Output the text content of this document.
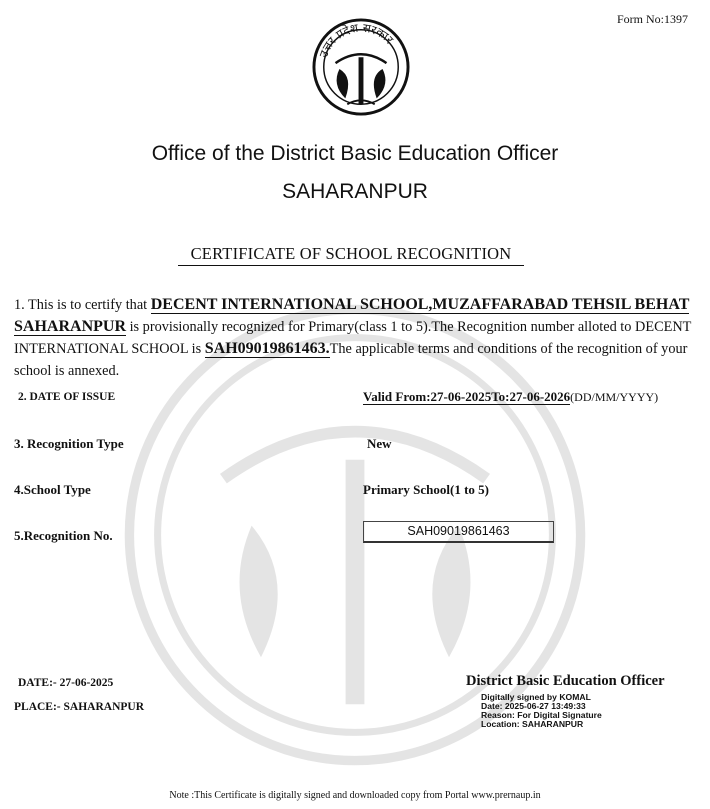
Form No:1397
उत्तर प्रदेश सरकार
Office of the District Basic Education Officer
SAHARANPUR
CERTIFICATE OF SCHOOL RECOGNITION
1. This is to certify that DECENT INTERNATIONAL SCHOOL,MUZAFFARABAD TEHSIL BEHAT SAHARANPUR is provisionally recognized for Primary(class 1 to 5).The Recognition number alloted to DECENT INTERNATIONAL SCHOOL is SAH09019861463.The applicable terms and conditions of the recognition of your school is annexed.
2. DATE OF ISSUE	Valid From:27-06-2025To:27-06-2026(DD/MM/YYYY)
3. Recognition Type	New
4.School Type	Primary School(1 to 5)
5.Recognition No.	SAH09019861463
DATE:- 27-06-2025
PLACE:- SAHARANPUR
District Basic Education Officer
Digitally signed by KOMAL
Date: 2025-06-27 13:49:33
Reason: For Digital Signature
Location: SAHARANPUR
Note :This Certificate is digitally signed and downloaded copy from Portal www.prernaup.in
